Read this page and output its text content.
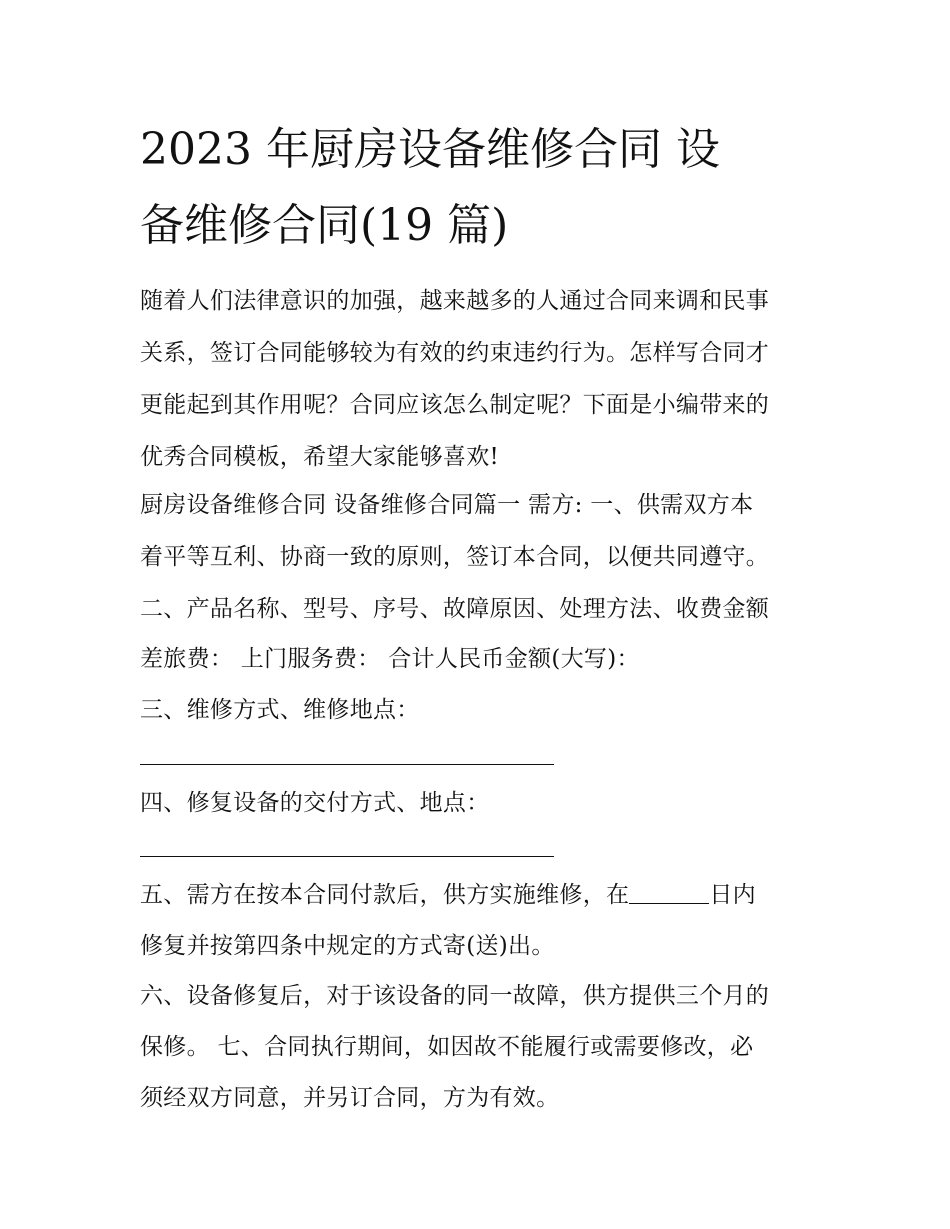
2023 年厨房设备维修合同 设
备维修合同(19 篇)

随着人们法律意识的加强，越来越多的人通过合同来调和民事

关系，签订合同能够较为有效的约束违约行为。怎样写合同才

更能起到其作用呢？合同应该怎么制定呢？下面是小编带来的

优秀合同模板，希望大家能够喜欢!

厨房设备维修合同 设备维修合同篇一 需方: 一、供需双方本

着平等互利、协商一致的原则，签订本合同，以便共同遵守。

二、产品名称、型号、序号、故障原因、处理方法、收费金额

差旅费： 上门服务费： 合计人民币金额(大写)：

三、维修方式、维修地点：

四、修复设备的交付方式、地点：

五、需方在按本合同付款后，供方实施维修，在	日内

修复并按第四条中规定的方式寄(送)出。

六、设备修复后，对于该设备的同一故障，供方提供三个月的

保修。 七、合同执行期间，如因故不能履行或需要修改，必

须经双方同意，并另订合同，方为有效。
